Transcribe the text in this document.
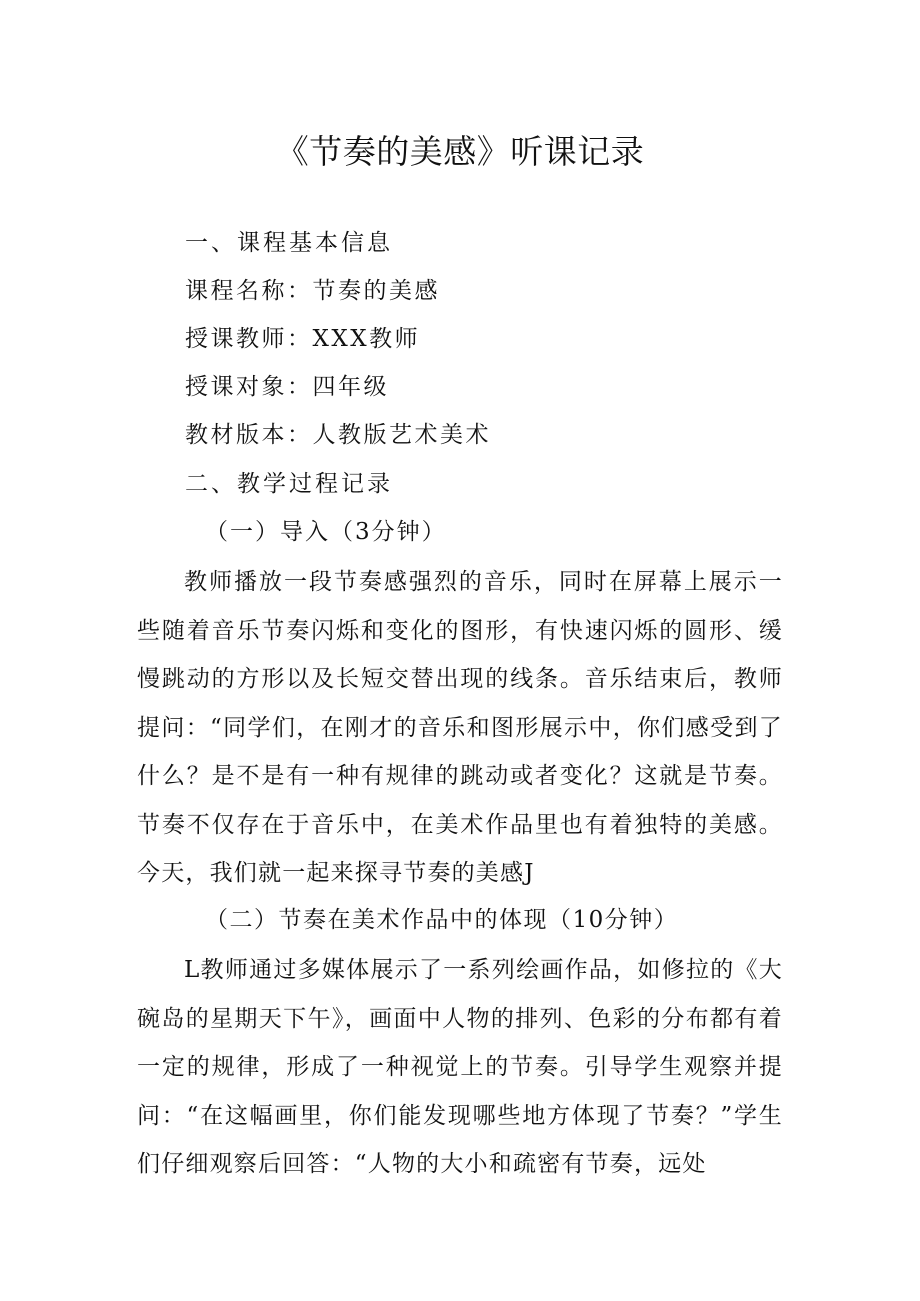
《节奏的美感》听课记录
一、课程基本信息
课程名称：节奏的美感
授课教师：XXX教师
授课对象：四年级
教材版本：人教版艺术美术
二、教学过程记录
（一）导入（3分钟）
教师播放一段节奏感强烈的音乐，同时在屏幕上展示一些随着音乐节奏闪烁和变化的图形，有快速闪烁的圆形、缓慢跳动的方形以及长短交替出现的线条。音乐结束后，教师提问：“同学们，在刚才的音乐和图形展示中，你们感受到了什么？是不是有一种有规律的跳动或者变化？这就是节奏。节奏不仅存在于音乐中，在美术作品里也有着独特的美感。今天，我们就一起来探寻节奏的美感J
（二）节奏在美术作品中的体现（10分钟）
L教师通过多媒体展示了一系列绘画作品，如修拉的《大碗岛的星期天下午》，画面中人物的排列、色彩的分布都有着一定的规律，形成了一种视觉上的节奏。引导学生观察并提问：“在这幅画里，你们能发现哪些地方体现了节奏？”学生们仔细观察后回答：“人物的大小和疏密有节奏，远处
